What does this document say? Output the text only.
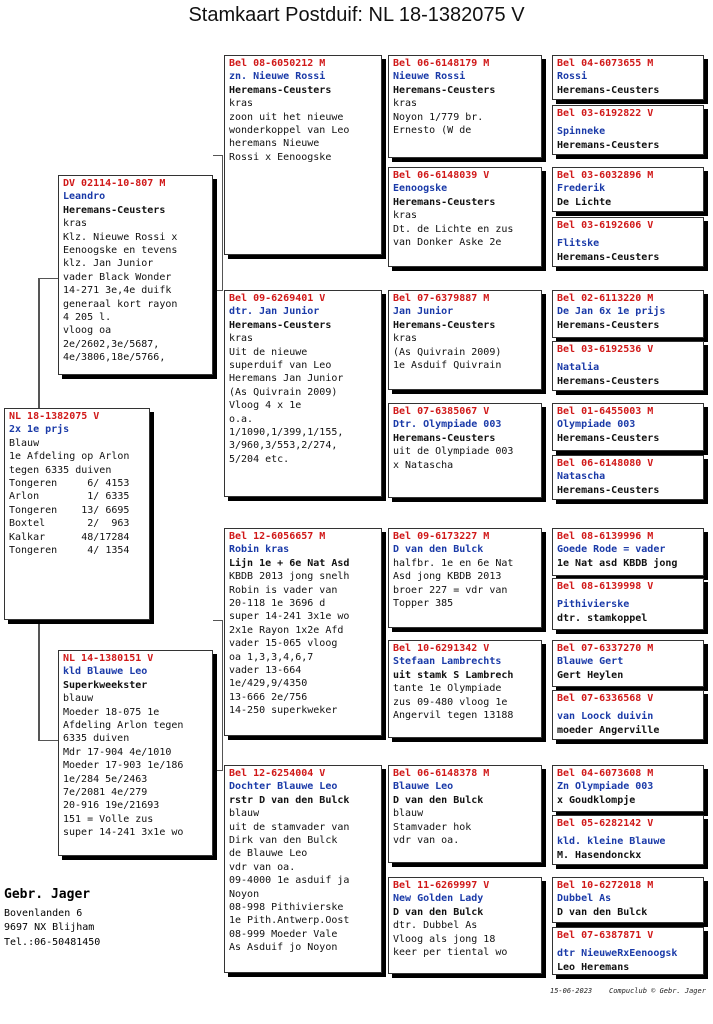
Stamkaart Postduif: NL 18-1382075 V
NL 18-1382075 V
2x 1e prjs
Blauw
1e Afdeling op Arlon
tegen 6335 duiven
Tongeren     6/ 4153
Arlon        1/ 6335
Tongeren    13/ 6695
Boxtel       2/  963
Kalkar      48/17284
Tongeren     4/ 1354
DV 02114-10-807 M
Leandro
Heremans-Ceusters
kras
Klz. Nieuwe Rossi x
Eenoogske en tevens
klz. Jan Junior
vader Black Wonder
14-271 3e,4e duifk
generaal kort rayon
4 205 l.
vloog oa
2e/2602,3e/5687,
4e/3806,18e/5766,
NL 14-1380151 V
kld Blauwe Leo
Superkweekster
blauw
Moeder 18-075 1e
Afdeling Arlon tegen
6335 duiven
Mdr 17-904 4e/1010
Moeder 17-903 1e/186
1e/284 5e/2463
7e/2081 4e/279
20-916 19e/21693
151 = Volle zus
super 14-241 3x1e wo
Bel 08-6050212 M
zn. Nieuwe Rossi
Heremans-Ceusters
kras
zoon uit het nieuwe
wonderkoppel van Leo
heremans Nieuwe
Rossi x Eenoogske
Bel 09-6269401 V
dtr. Jan Junior
Heremans-Ceusters
kras
Uit de nieuwe
superduif van Leo
Heremans Jan Junior
(As Quivrain 2009)
Vloog 4 x 1e
o.a.
1/1090,1/399,1/155,
3/960,3/553,2/274,
5/204 etc.
Bel 12-6056657 M
Robin kras
Lijn 1e + 6e Nat Asd
KBDB 2013 jong snelh
Robin is vader van
20-118 1e 3696 d
super 14-241 3x1e wo
2x1e Rayon 1x2e Afd
vader 15-065 vloog
oa 1,3,3,4,6,7
vader 13-664
1e/429,9/4350
13-666 2e/756
14-250 superkweker
Bel 12-6254004 V
Dochter Blauwe Leo
rstr D van den Bulck
blauw
uit de stamvader van
Dirk van den Bulck
de Blauwe Leo
vdr van oa.
09-4000 1e asduif ja
Noyon
08-998 Pithivierske
1e Pith.Antwerp.Oost
08-999 Moeder Vale
As Asduif jo Noyon
Bel 06-6148179 M
Nieuwe Rossi
Heremans-Ceusters
kras
Noyon 1/779 br.
Ernesto (W de
Bel 06-6148039 V
Eenoogske
Heremans-Ceusters
kras
Dt. de Lichte en zus
van Donker Aske 2e
Bel 07-6379887 M
Jan Junior
Heremans-Ceusters
kras
(As Quivrain 2009)
1e Asduif Quivrain
Bel 07-6385067 V
Dtr. Olympiade 003
Heremans-Ceusters
uit de Olympiade 003
x Natascha
Bel 09-6173227 M
D van den Bulck
halfbr. 1e en 6e Nat
Asd jong KBDB 2013
broer 227 = vdr van
Topper 385
Bel 10-6291342 V
Stefaan Lambrechts
uit stamk S Lambrech
tante 1e Olympiade
zus 09-480 vloog 1e
Angervil tegen 13188
Bel 06-6148378 M
Blauwe Leo
D van den Bulck
blauw
Stamvader hok
vdr van oa.
Bel 11-6269997 V
New Golden Lady
D van den Bulck
dtr. Dubbel As
Vloog als jong 18
keer per tiental wo
Bel 04-6073655 M
Rossi
Heremans-Ceusters
Bel 03-6192822 V
Spinneke
Heremans-Ceusters
Bel 03-6032896 M
Frederik
De Lichte
Bel 03-6192606 V
Flitske
Heremans-Ceusters
Bel 02-6113220 M
De Jan 6x 1e prijs
Heremans-Ceusters
Bel 03-6192536 V
Natalia
Heremans-Ceusters
Bel 01-6455003 M
Olympiade 003
Heremans-Ceusters
Bel 06-6148080 V
Natascha
Heremans-Ceusters
Bel 08-6139996 M
Goede Rode = vader
1e Nat asd KBDB jong
Bel 08-6139998 V
Pithivierske
dtr. stamkoppel
Bel 07-6337270 M
Blauwe Gert
Gert Heylen
Bel 07-6336568 V
van Loock duivin
moeder Angerville
Bel 04-6073608 M
Zn Olympiade 003
x Goudklompje
Bel 05-6282142 V
kld. kleine Blauwe
M. Hasendonckx
Bel 10-6272018 M
Dubbel As
D van den Bulck
Bel 07-6387871 V
dtr NieuweRxEenoogsk
Leo Heremans
Gebr. Jager
Bovenlanden 6
9697 NX Blijham
Tel.:06-50481450
15-06-2023    Compuclub © Gebr. Jager
